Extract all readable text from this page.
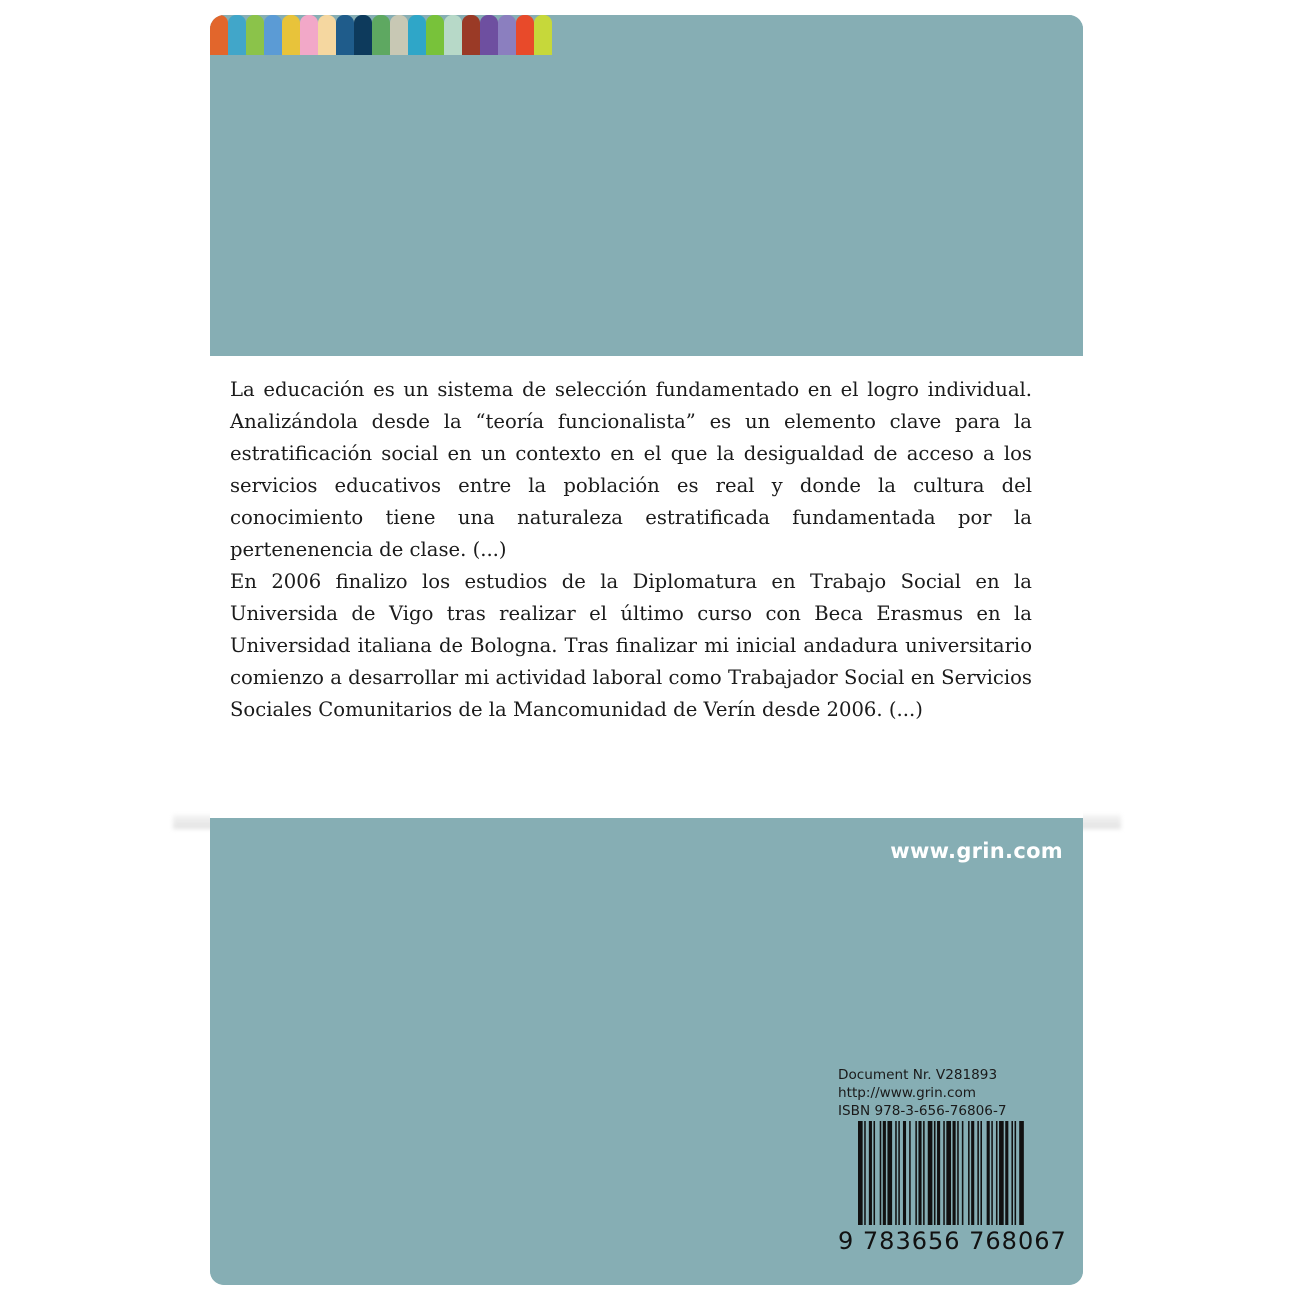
La educación es un sistema de selección fundamentado en el logro individual. Analizándola desde la “teoría funcionalista” es un elemento clave para la estratificación social en un contexto en el que la desigualdad de acceso a los servicios educativos entre la población es real y donde la cultura del conocimiento tiene una naturaleza estratificada fundamentada por la pertenenencia de clase. (...)

En 2006 finalizo los estudios de la Diplomatura en Trabajo Social en la Universida de Vigo tras realizar el último curso con Beca Erasmus en la Universidad italiana de Bologna. Tras finalizar mi inicial andadura universitario comienzo a desarrollar mi actividad laboral como Trabajador Social en Servicios Sociales Comunitarios de la Mancomunidad de Verín desde 2006. (...)

www.grin.com
Document Nr. V281893
http://www.grin.com
ISBN 978-3-656-76806-7
9 783656 768067
